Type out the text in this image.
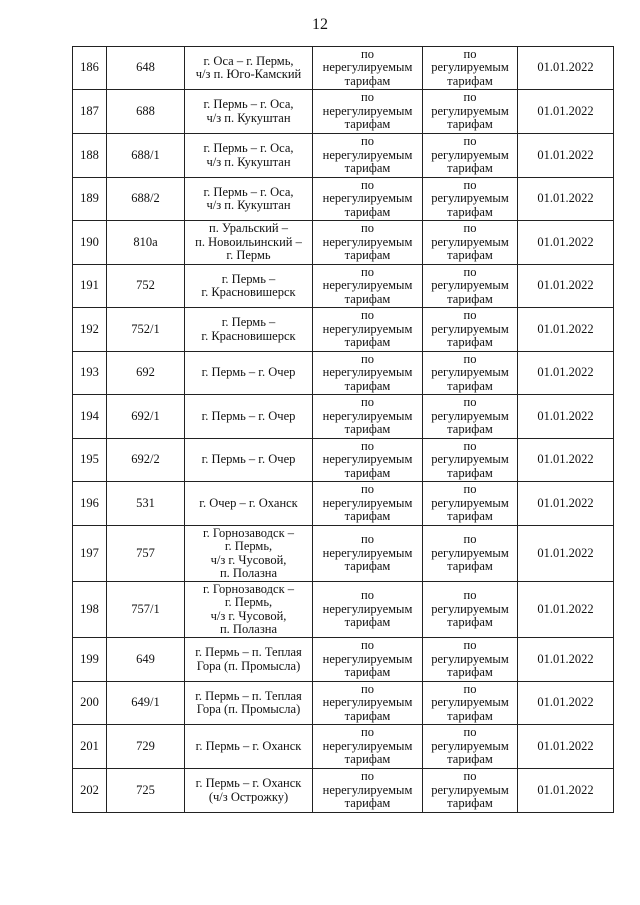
12
186	648	г. Оса – г. Пермь,
ч/з п. Юго-Камский	по
нерегулируемым
тарифам	по
регулируемым
тарифам	01.01.2022
187	688	г. Пермь – г. Оса,
ч/з п. Кукуштан	по
нерегулируемым
тарифам	по
регулируемым
тарифам	01.01.2022
188	688/1	г. Пермь – г. Оса,
ч/з п. Кукуштан	по
нерегулируемым
тарифам	по
регулируемым
тарифам	01.01.2022
189	688/2	г. Пермь – г. Оса,
ч/з п. Кукуштан	по
нерегулируемым
тарифам	по
регулируемым
тарифам	01.01.2022
190	810а	п. Уральский –
п. Новоильинский –
г. Пермь	по
нерегулируемым
тарифам	по
регулируемым
тарифам	01.01.2022
191	752	г. Пермь –
г. Красновишерск	по
нерегулируемым
тарифам	по
регулируемым
тарифам	01.01.2022
192	752/1	г. Пермь –
г. Красновишерск	по
нерегулируемым
тарифам	по
регулируемым
тарифам	01.01.2022
193	692	г. Пермь – г. Очер	по
нерегулируемым
тарифам	по
регулируемым
тарифам	01.01.2022
194	692/1	г. Пермь – г. Очер	по
нерегулируемым
тарифам	по
регулируемым
тарифам	01.01.2022
195	692/2	г. Пермь – г. Очер	по
нерегулируемым
тарифам	по
регулируемым
тарифам	01.01.2022
196	531	г. Очер – г. Оханск	по
нерегулируемым
тарифам	по
регулируемым
тарифам	01.01.2022
197	757	г. Горнозаводск –
г. Пермь,
ч/з г. Чусовой,
п. Полазна	по
нерегулируемым
тарифам	по
регулируемым
тарифам	01.01.2022
198	757/1	г. Горнозаводск –
г. Пермь,
ч/з г. Чусовой,
п. Полазна	по
нерегулируемым
тарифам	по
регулируемым
тарифам	01.01.2022
199	649	г. Пермь – п. Теплая
Гора (п. Промысла)	по
нерегулируемым
тарифам	по
регулируемым
тарифам	01.01.2022
200	649/1	г. Пермь – п. Теплая
Гора (п. Промысла)	по
нерегулируемым
тарифам	по
регулируемым
тарифам	01.01.2022
201	729	г. Пермь – г. Оханск	по
нерегулируемым
тарифам	по
регулируемым
тарифам	01.01.2022
202	725	г. Пермь – г. Оханск
(ч/з Острожку)	по
нерегулируемым
тарифам	по
регулируемым
тарифам	01.01.2022
